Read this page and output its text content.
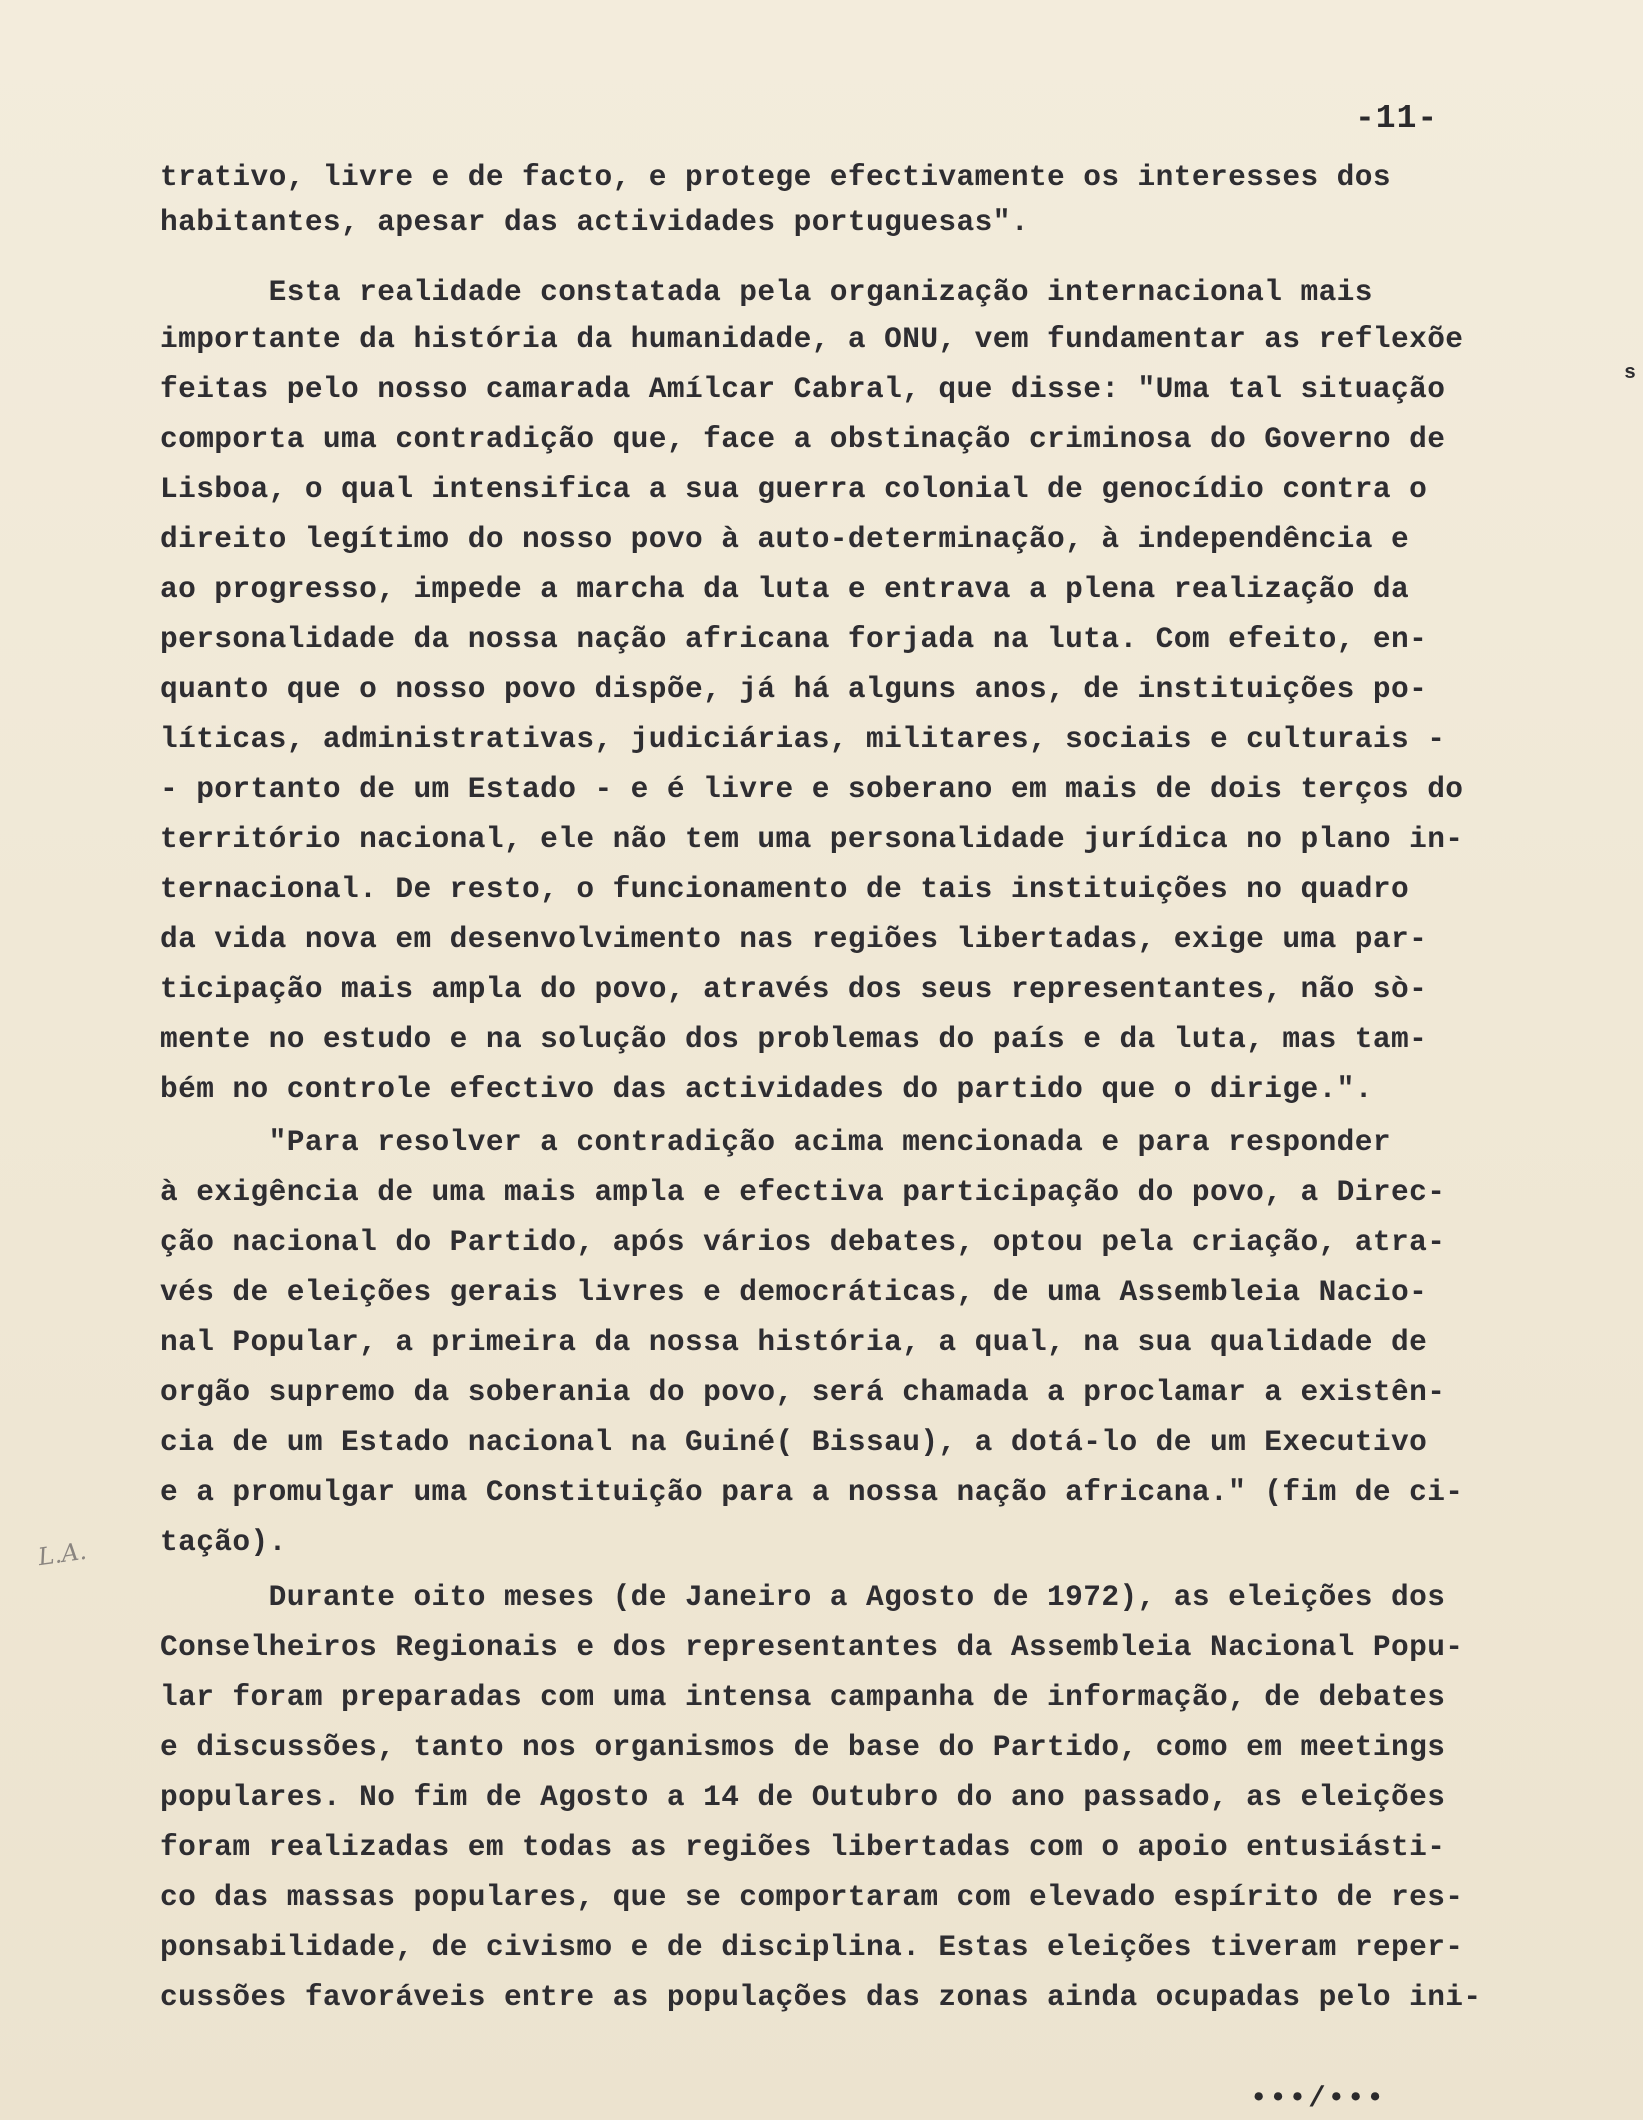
-11-
s
L.A.
trativo, livre e de facto, e protege efectivamente os interesses dos
habitantes, apesar das actividades portuguesas".
Esta realidade constatada pela organização internacional mais
importante da história da humanidade, a ONU, vem fundamentar as reflexõe
feitas pelo nosso camarada Amílcar Cabral, que disse: "Uma tal situação
comporta uma contradição que, face a obstinação criminosa do Governo de
Lisboa, o qual intensifica a sua guerra colonial de genocídio contra o
direito legítimo do nosso povo à auto-determinação, à independência e
ao progresso, impede a marcha da luta e entrava a plena realização da
personalidade da nossa nação africana forjada na luta. Com efeito, en-
quanto que o nosso povo dispõe, já há alguns anos, de instituições po-
líticas, administrativas, judiciárias, militares, sociais e culturais -
- portanto de um Estado - e é livre e soberano em mais de dois terços do
território nacional, ele não tem uma personalidade jurídica no plano in-
ternacional. De resto, o funcionamento de tais instituições no quadro
da vida nova em desenvolvimento nas regiões libertadas, exige uma par-
ticipação mais ampla do povo, através dos seus representantes, não sò-
mente no estudo e na solução dos problemas do país e da luta, mas tam-
bém no controle efectivo das actividades do partido que o dirige.".
"Para resolver a contradição acima mencionada e para responder
à exigência de uma mais ampla e efectiva participação do povo, a Direc-
ção nacional do Partido, após vários debates, optou pela criação, atra-
vés de eleições gerais livres e democráticas, de uma Assembleia Nacio-
nal Popular, a primeira da nossa história, a qual, na sua qualidade de
orgão supremo da soberania do povo, será chamada a proclamar a existên-
cia de um Estado nacional na Guiné( Bissau), a dotá-lo de um Executivo
e a promulgar uma Constituição para a nossa nação africana." (fim de ci-
tação).
Durante oito meses (de Janeiro a Agosto de 1972), as eleições dos
Conselheiros Regionais e dos representantes da Assembleia Nacional Popu-
lar foram preparadas com uma intensa campanha de informação, de debates
e discussões, tanto nos organismos de base do Partido, como em meetings
populares. No fim de Agosto a 14 de Outubro do ano passado, as eleições
foram realizadas em todas as regiões libertadas com o apoio entusiásti-
co das massas populares, que se comportaram com elevado espírito de res-
ponsabilidade, de civismo e de disciplina. Estas eleições tiveram reper-
cussões favoráveis entre as populações das zonas ainda ocupadas pelo ini-
•••/•••
